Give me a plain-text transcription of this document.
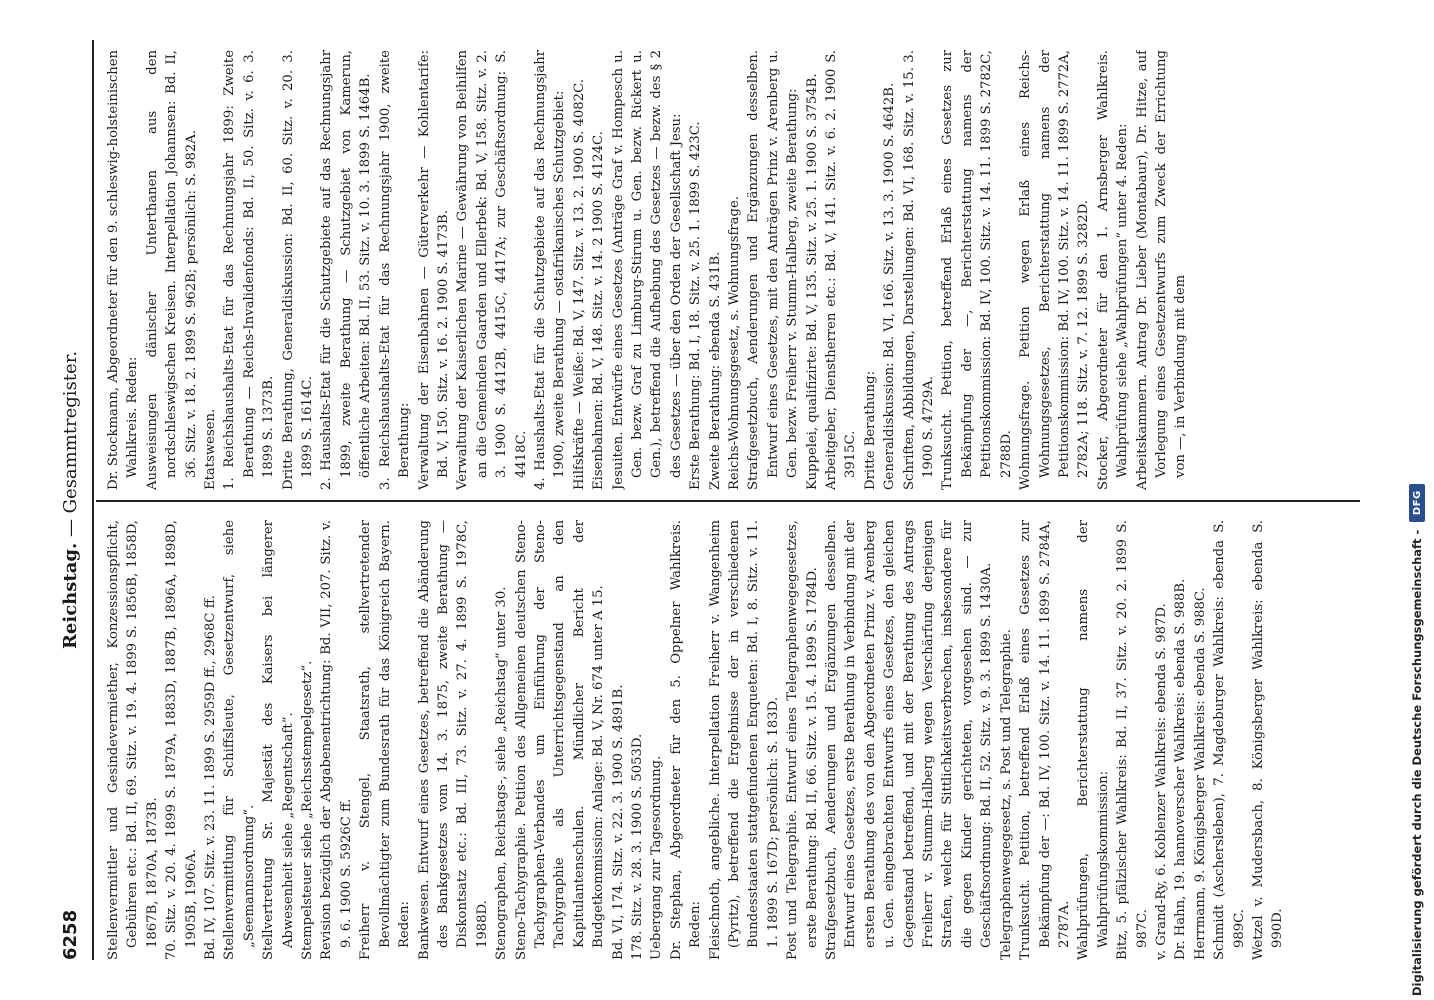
6258
Reichstag. — Gesammtregister.
Stellenvermittler und Gesindevermiether, Konzessionspflicht, Gebühren etc.: Bd. II, 69. Sitz. v. 19. 4. 1899 S. 1856B, 1858D, 1867B, 1870A, 1873B. 70. Sitz. v. 20. 4. 1899 S. 1879A, 1883D, 1887B, 1896A, 1898D, 1905B, 1906A. Bd. IV, 107. Sitz. v. 23. 11. 1899 S. 2959D ff., 2968C ff. Stellenvermittlung für Schiffsleute, Gesetzentwurf, siehe „Seemannsordnung“. Stellvertretung Sr. Majestät des Kaisers bei längerer Abwesenheit siehe „Regentschaft“. Stempelsteuer siehe „Reichsstempelgesetz“. Revision bezüglich der Abgabenentrichtung: Bd. VII, 207. Sitz. v. 9. 6. 1900 S. 5926C ff. Freiherr v. Stengel, Staatsrath, stellvertretender Bevollmächtigter zum Bundesrath für das Königreich Bayern. Reden: Bankwesen. Entwurf eines Gesetzes, betreffend die Abänderung des Bankgesetzes vom 14. 3. 1875, zweite Berathung — Diskontsatz etc.: Bd. III, 73. Sitz. v. 27. 4. 1899 S. 1978C, 1988D. Stenographen, Reichstags-, siehe „Reichstag“ unter 30. Steno-Tachygraphie. Petition des Allgemeinen deutschen Steno-Tachygraphen-Verbandes um Einführung der Steno-Tachygraphie als Unterrichtsgegenstand an den Kapitulantenschulen. Mündlicher Bericht der Budgetkommission: Anlage: Bd. V, Nr. 674 unter A 15. Bd. VI, 174. Sitz. v. 22. 3. 1900 S. 4891B. 178. Sitz. v. 28. 3. 1900 S. 5053D. Uebergang zur Tagesordnung. Dr. Stephan, Abgeordneter für den 5. Oppelner Wahlkreis. Reden: Fleischnoth, angebliche. Interpellation Freiherr v. Wangenheim (Pyritz), betreffend die Ergebnisse der in verschiedenen Bundesstaaten stattgefundenen Enqueten: Bd. I, 8. Sitz. v. 11. 1. 1899 S. 167D; persönlich: S. 183D. Post und Telegraphie. Entwurf eines Telegraphenwegegesetzes, erste Berathung: Bd. II, 66. Sitz. v. 15. 4. 1899 S. 1784D. Strafgesetzbuch, Aenderungen und Ergänzungen desselben. Entwurf eines Gesetzes, erste Berathung in Verbindung mit der ersten Berathung des von den Abgeordneten Prinz v. Arenberg u. Gen. eingebrachten Entwurfs eines Gesetzes, den gleichen Gegenstand betreffend, und mit der Berathung des Antrags Freiherr v. Stumm-Halberg wegen Verschärfung derjenigen Strafen, welche für Sittlichkeitsverbrechen, insbesondere für die gegen Kinder gerichteten, vorgesehen sind. — zur Geschäftsordnung: Bd. II, 52. Sitz. v. 9. 3. 1899 S. 1430A. Telegraphenwegegesetz, s. Post und Telegraphie. Trunksucht. Petition, betreffend Erlaß eines Gesetzes zur Bekämpfung der —: Bd. IV, 100. Sitz. v. 14. 11. 1899 S. 2784A, 2787A. Wahlprüfungen, Berichterstattung namens der Wahlprüfungskommission: Bitz, 5. pfälzischer Wahlkreis: Bd. II, 37. Sitz. v. 20. 2. 1899 S. 987C. v. Grand-Ry, 6. Koblenzer Wahlkreis: ebenda S. 987D. Dr. Hahn, 19. hannoverscher Wahlkreis: ebenda S. 988B. Herrmann, 9. Königsberger Wahlkreis: ebenda S. 988C. Schmidt (Aschersleben), 7. Magdeburger Wahlkreis: ebenda S. 989C. Wetzel v. Mudersbach, 8. Königsberger Wahlkreis: ebenda S. 990D.
Dr. Stockmann, Abgeordneter für den 9. schleswig-holsteinischen Wahlkreis. Reden: Ausweisungen dänischer Unterthanen aus den nordschleswigschen Kreisen. Interpellation Johannsen: Bd. II, 36. Sitz. v. 18. 2. 1899 S. 962B; persönlich: S. 982A. Etatswesen. 1. Reichshaushalts-Etat für das Rechnungsjahr 1899: Zweite Berathung — Reichs-Invalidenfonds: Bd. II, 50. Sitz. v. 6. 3. 1899 S. 1373B. Dritte Berathung, Generaldiskussion: Bd. II, 60. Sitz. v. 20. 3. 1899 S. 1614C. 2. Haushalts-Etat für die Schutzgebiete auf das Rechnungsjahr 1899, zweite Berathung — Schutzgebiet von Kamerun, öffentliche Arbeiten: Bd. II, 53. Sitz. v. 10. 3. 1899 S. 1464B. 3. Reichshaushalts-Etat für das Rechnungsjahr 1900, zweite Berathung: Verwaltung der Eisenbahnen — Güterverkehr — Kohlentarife: Bd. V, 150. Sitz. v. 16. 2. 1900 S. 4173B. Verwaltung der Kaiserlichen Marine — Gewährung von Beihilfen an die Gemeinden Gaarden und Ellerbek: Bd. V, 158. Sitz. v. 2. 3. 1900 S. 4412B, 4415C, 4417A; zur Geschäftsordnung: S. 4418C. 4. Haushalts-Etat für die Schutzgebiete auf das Rechnungsjahr 1900, zweite Berathung — ostafrikanisches Schutzgebiet: Hilfskräfte — Weiße: Bd. V, 147. Sitz. v. 13. 2. 1900 S. 4082C. Eisenbahnen: Bd. V, 148. Sitz. v. 14. 2 1900 S. 4124C. Jesuiten. Entwürfe eines Gesetzes (Anträge Graf v. Hompesch u. Gen. bezw. Graf zu Limburg-Stirum u. Gen. bezw. Rickert u. Gen.), betreffend die Aufhebung des Gesetzes — bezw. des § 2 des Gesetzes — über den Orden der Gesellschaft Jesu: Erste Berathung: Bd. I, 18. Sitz. v. 25. 1. 1899 S. 423C. Zweite Berathung: ebenda S. 431B. Reichs-Wohnungsgesetz, s. Wohnungsfrage. Strafgesetzbuch, Aenderungen und Ergänzungen desselben. Entwurf eines Gesetzes, mit den Anträgen Prinz v. Arenberg u. Gen. bezw. Freiherr v. Stumm-Halberg, zweite Berathung: Kuppelei, qualifizirte: Bd. V, 135. Sitz. v. 25. 1. 1900 S. 3754B. Arbeitgeber, Dienstherren etc.: Bd. V, 141. Sitz. v. 6. 2. 1900 S. 3915C. Dritte Berathung: Generaldiskussion: Bd. VI, 166. Sitz. v. 13. 3. 1900 S. 4642B. Schriften, Abbildungen, Darstellungen: Bd. VI, 168. Sitz. v. 15. 3. 1900 S. 4729A. Trunksucht. Petition, betreffend Erlaß eines Gesetzes zur Bekämpfung der —, Berichterstattung namens der Petitionskommission: Bd. IV, 100. Sitz. v. 14. 11. 1899 S. 2782C, 2788D. Wohnungsfrage. Petition wegen Erlaß eines Reichs-Wohnungsgesetzes, Berichterstattung namens der Petitionskommission: Bd. IV, 100. Sitz. v. 14. 11. 1899 S. 2772A, 2782A; 118. Sitz. v. 7. 12. 1899 S. 3282D. Stocker, Abgeordneter für den 1. Arnsberger Wahlkreis. Wahlprüfung siehe „Wahlprüfungen“ unter 4. Reden: Arbeitskammern. Antrag Dr. Lieber (Montabaur), Dr. Hitze, auf Vorlegung eines Gesetzentwurfs zum Zweck der Errichtung von —, in Verbindung mit dem
Digitalisierung gefördert durch die Deutsche Forschungsgemeinschaft -
DFG
